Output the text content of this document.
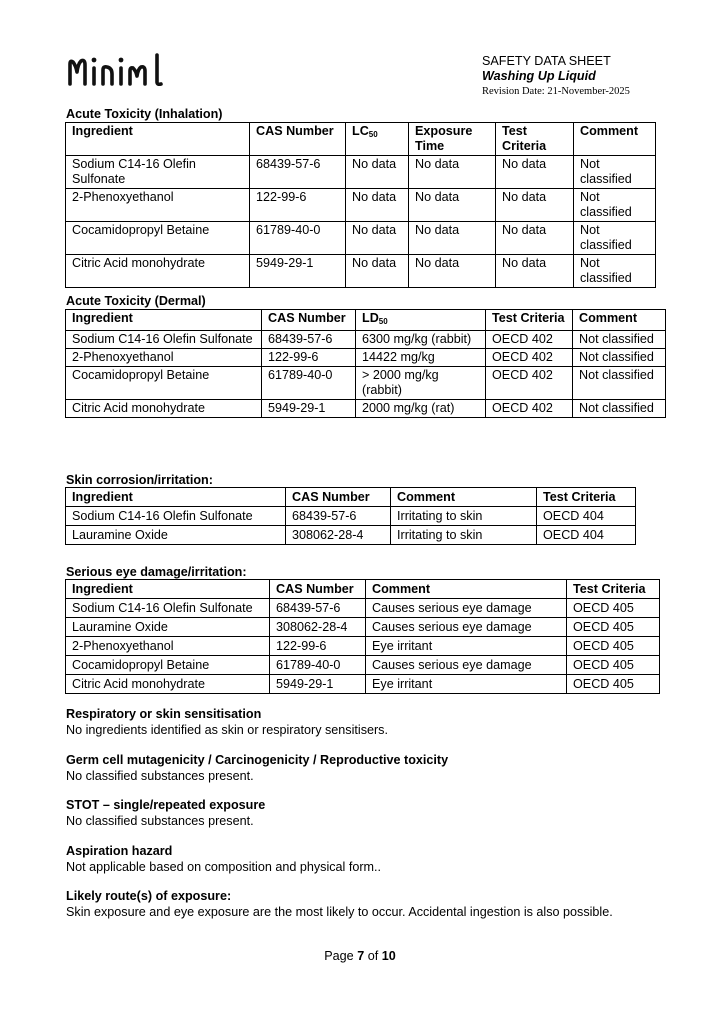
SAFETY DATA SHEET
Washing Up Liquid
Revision Date: 21-November-2025
Acute Toxicity (Inhalation)
Ingredient	CAS Number	$LC_{50}$	Exposure Time	Test Criteria	Comment
Sodium C14-16 Olefin Sulfonate	68439-57-6	No data	No data	No data	Not classified
2-Phenoxyethanol	122-99-6	No data	No data	No data	Not classified
Cocamidopropyl Betaine	61789-40-0	No data	No data	No data	Not classified
Citric Acid monohydrate	5949-29-1	No data	No data	No data	Not classified
Acute Toxicity (Dermal)
Ingredient	CAS Number	$LD_{50}$	Test Criteria	Comment
Sodium C14-16 Olefin Sulfonate	68439-57-6	6300 mg/kg (rabbit)	OECD 402	Not classified
2-Phenoxyethanol	122-99-6	14422 mg/kg	OECD 402	Not classified
Cocamidopropyl Betaine	61789-40-0	> 2000 mg/kg (rabbit)	OECD 402	Not classified
Citric Acid monohydrate	5949-29-1	2000 mg/kg (rat)	OECD 402	Not classified
Skin corrosion/irritation:
Ingredient	CAS Number	Comment	Test Criteria
Sodium C14-16 Olefin Sulfonate	68439-57-6	Irritating to skin	OECD 404
Lauramine Oxide	308062-28-4	Irritating to skin	OECD 404
Serious eye damage/irritation:
Ingredient	CAS Number	Comment	Test Criteria
Sodium C14-16 Olefin Sulfonate	68439-57-6	Causes serious eye damage	OECD 405
Lauramine Oxide	308062-28-4	Causes serious eye damage	OECD 405
2-Phenoxyethanol	122-99-6	Eye irritant	OECD 405
Cocamidopropyl Betaine	61789-40-0	Causes serious eye damage	OECD 405
Citric Acid monohydrate	5949-29-1	Eye irritant	OECD 405
Respiratory or skin sensitisation
No ingredients identified as skin or respiratory sensitisers.
Germ cell mutagenicity / Carcinogenicity / Reproductive toxicity
No classified substances present.
STOT – single/repeated exposure
No classified substances present.
Aspiration hazard
Not applicable based on composition and physical form..
Likely route(s) of exposure:
Skin exposure and eye exposure are the most likely to occur. Accidental ingestion is also possible.
Page 7 of 10
